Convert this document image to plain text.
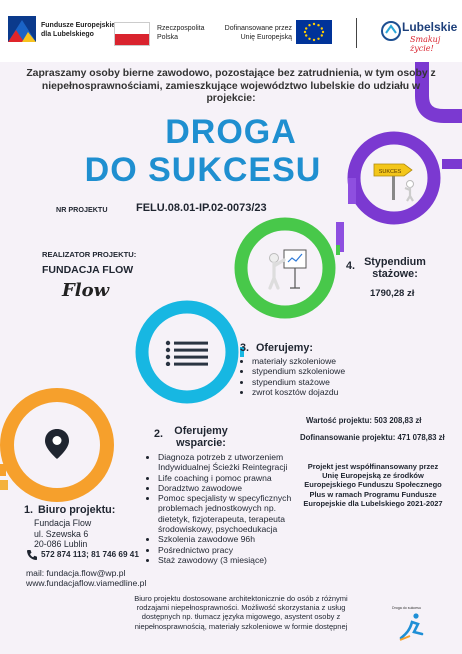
Fundusze Europejskie
dla Lubelskiego
Rzeczpospolita
Polska
Dofinansowane przez
Unię Europejską
Lubelskie
Smakuj życie!
Zapraszamy osoby bierne zawodowo, pozostające bez zatrudnienia, w tym osoby z niepełnosprawnościami, zamieszkujące województwo lubelskie do udziału w projekcie:
DROGA
DO SUKCESU
NR PROJEKTU	FELU.08.01-IP.02-0073/23
SUKCES
REALIZATOR PROJEKTU:
FUNDACJA FLOW
Flow
4. Stypendium
stażowe:
1790,28 zł
3. Oferujemy:
• materiały szkoleniowe
• stypendium szkoleniowe
• stypendium stażowe
• zwrot kosztów dojazdu
Wartość projektu: 503 208,83 zł
Dofinansowanie projektu: 471 078,83 zł
Projekt jest współfinansowany przez Unię Europejską ze środków Europejskiego Funduszu Społecznego Plus w ramach Programu Fundusze Europejskie dla Lubelskiego 2021-2027
2.	Oferujemy
wsparcie:
• Diagnoza potrzeb z utworzeniem Indywidualnej Ścieżki Reintegracji
• Life coaching i pomoc prawna
• Doradztwo zawodowe
• Pomoc specjalisty w specyficznych problemach jednostkowych np. dietetyk, fizjoterapeuta, terapeuta środowiskowy, psychoedukacja
• Szkolenia zawodowe 96h
• Pośrednictwo pracy
• Staż zawodowy (3 miesiące)
1. Biuro projektu:
Fundacja Flow
ul. Szewska 6
20-086 Lublin
572 874 113; 81 746 69 41
mail: fundacja.flow@wp.pl
www.fundacjaflow.viamedline.pl
Biuro projektu dostosowane architektonicznie do osób z różnymi rodzajami niepełnosprawności. Możliwość skorzystania z usług dostępnych np. tłumacz języka migowego, asystent osoby z niepełnosprawnością, materiały szkoleniowe w formie dostępnej
Droga do sukcesu
